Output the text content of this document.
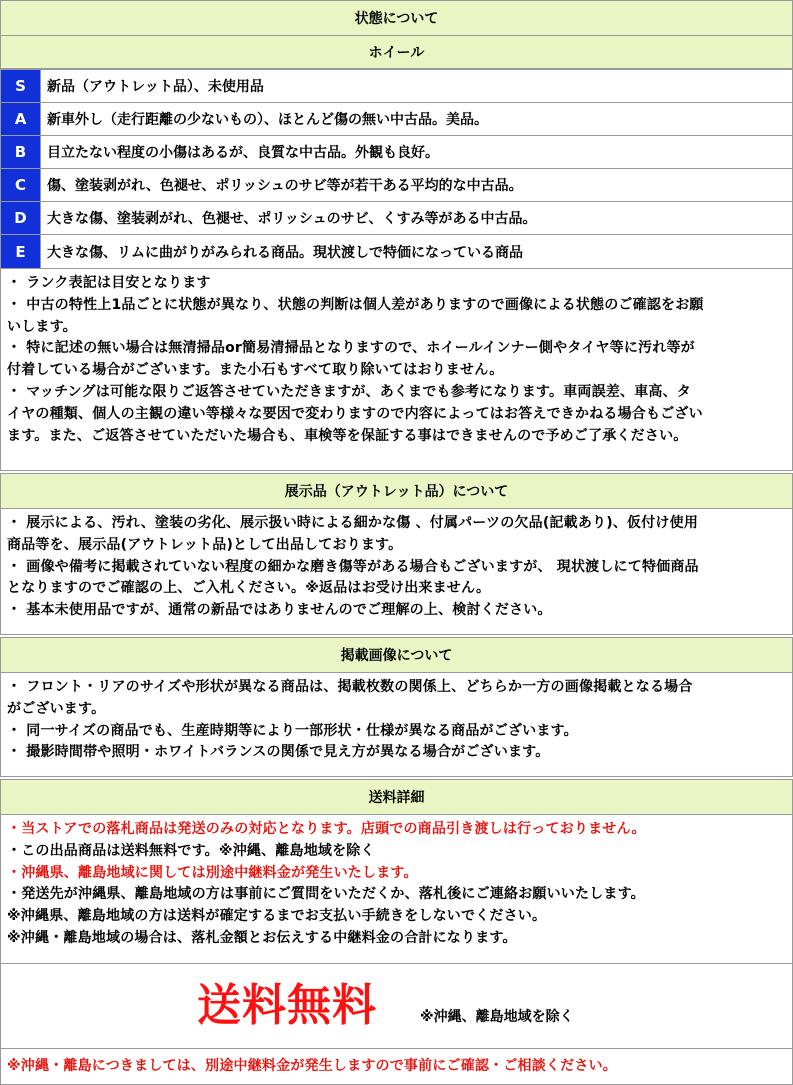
状態について
ホイール
S	新品（アウトレット品）、未使用品
A	新車外し（走行距離の少ないもの）、ほとんど傷の無い中古品。美品。
B	目立たない程度の小傷はあるが、良質な中古品。外観も良好。
C	傷、塗装剥がれ、色褪せ、ポリッシュのサビ等が若干ある平均的な中古品。
D	大きな傷、塗装剥がれ、色褪せ、ポリッシュのサビ、くすみ等がある中古品。
E	大きな傷、リムに曲がりがみられる商品。現状渡しで特価になっている商品
・ ランク表記は目安となります
・ 中古の特性上1品ごとに状態が異なり、状態の判断は個人差がありますので画像による状態のご確認をお願
いします。
・ 特に記述の無い場合は無清掃品or簡易清掃品となりますので、ホイールインナー側やタイヤ等に汚れ等が
付着している場合がございます。また小石もすべて取り除いてはおりません。
・ マッチングは可能な限りご返答させていただきますが、あくまでも参考になります。車両誤差、車高、タ
イヤの種類、個人の主観の違い等様々な要因で変わりますので内容によってはお答えできかねる場合もござい
ます。また、ご返答させていただいた場合も、車検等を保証する事はできませんので予めご了承ください。
展示品（アウトレット品）について
・ 展示による、汚れ、塗装の劣化、展示扱い時による細かな傷 、付属パーツの欠品(記載あり)、仮付け使用
商品等を、展示品(アウトレット品)として出品しております。
・ 画像や備考に掲載されていない程度の細かな磨き傷等がある場合もございますが、 現状渡しにて特価商品
となりますのでご確認の上、ご入札ください。※返品はお受け出来ません。
・ 基本未使用品ですが、通常の新品ではありませんのでご理解の上、検討ください。
掲載画像について
・ フロント・リアのサイズや形状が異なる商品は、掲載枚数の関係上、どちらか一方の画像掲載となる場合
がございます。
・ 同一サイズの商品でも、生産時期等により一部形状・仕様が異なる商品がございます。
・ 撮影時間帯や照明・ホワイトバランスの関係で見え方が異なる場合がございます。
送料詳細
・当ストアでの落札商品は発送のみの対応となります。店頭での商品引き渡しは行っておりません。
・この出品商品は送料無料です。※沖縄、離島地域を除く
・沖縄県、離島地域に関しては別途中継料金が発生いたします。
・発送先が沖縄県、離島地域の方は事前にご質問をいただくか、落札後にご連絡お願いいたします。
※沖縄県、離島地域の方は送料が確定するまでお支払い手続きをしないでください。
※沖縄・離島地域の場合は、落札金額とお伝えする中継料金の合計になります。
送料無料	※沖縄、離島地域を除く
※沖縄・離島につきましては、別途中継料金が発生しますので事前にご確認・ご相談ください。
